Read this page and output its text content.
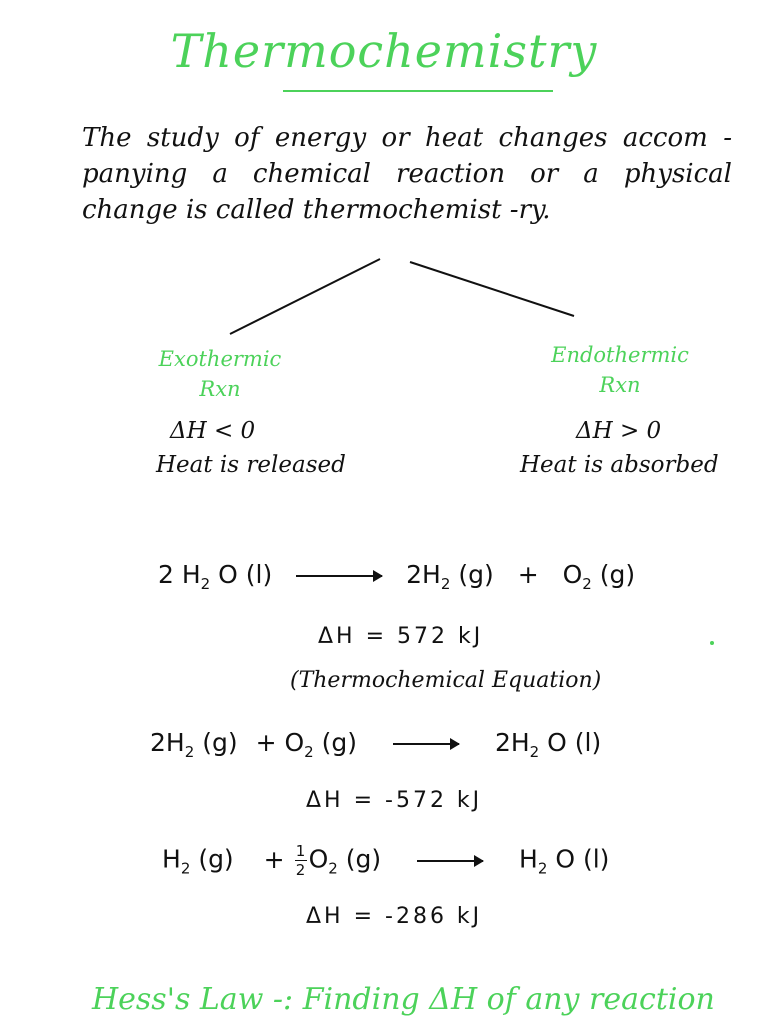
Thermochemistry
The study of energy or heat changes accom -panying a chemical reaction or a physical change is called thermochemist -ry.
Exothermic
Rxn
ΔH < 0
Heat is released
Endothermic
Rxn
ΔH > 0
Heat is absorbed
2 $H_2$ O (l)	$2H_2$ $(g) + O_2$ (g)
ΔH = 572 kJ
(Thermochemical Equation)
$2H_2$ $(g) + O_2$ (g)	$2H_2$ O (l)
ΔH = -572 kJ
$H_2$ $(g) + \frac{1}{2} O_2$ (g)	$H_2$ O (l)
ΔH = -286 kJ
Hess's Law -: Finding ΔH of any reaction
